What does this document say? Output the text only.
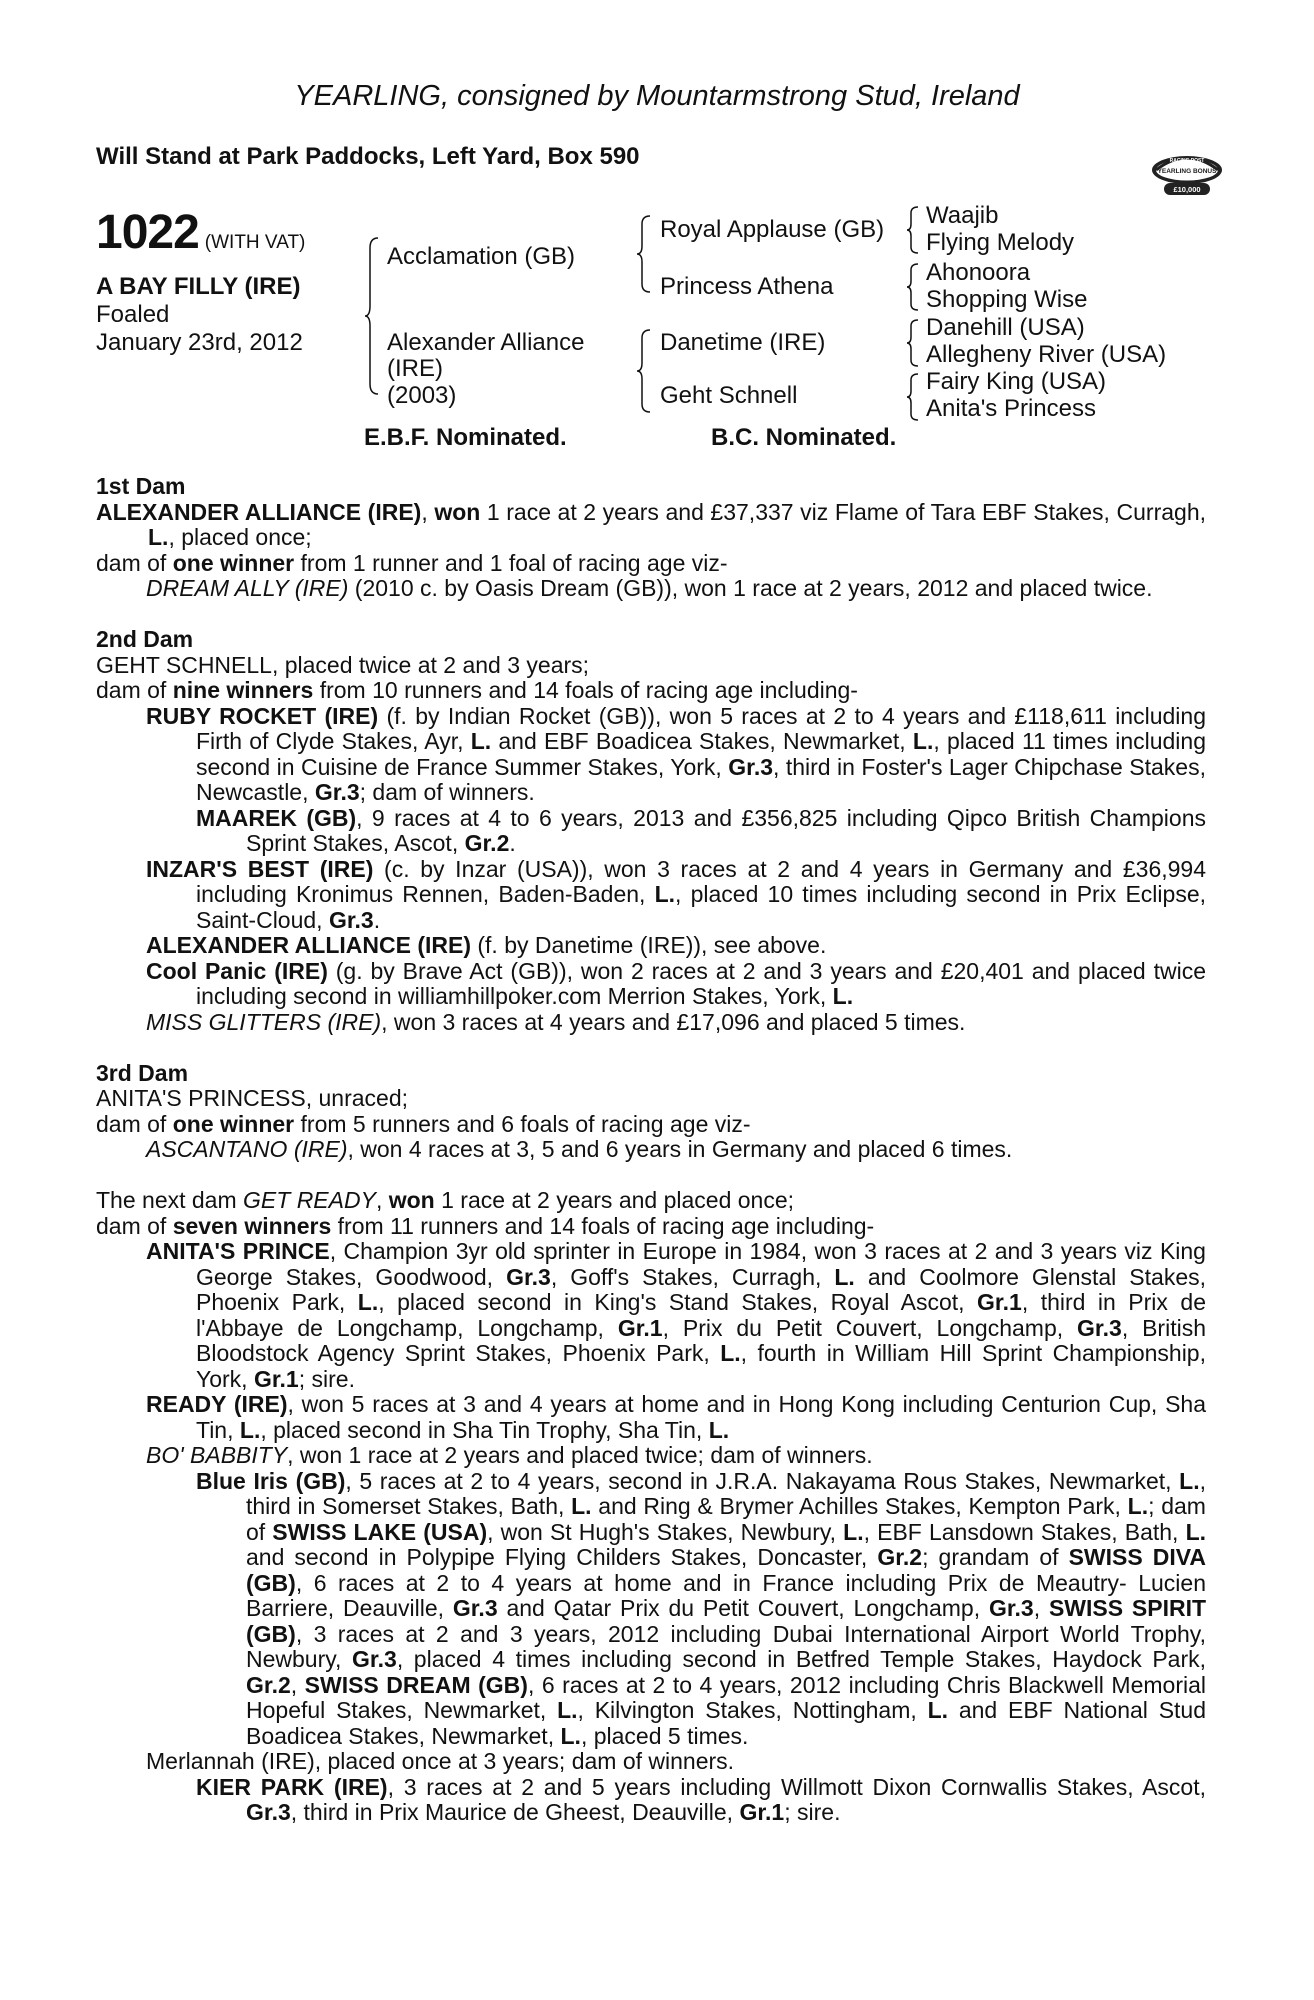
YEARLING, consigned by Mountarmstrong Stud, Ireland
Will Stand at Park Paddocks, Left Yard, Box 590	RACING POST
YEARLING BONUS
£10,000
1022 (WITH VAT)
A BAY FILLY (IRE)
Foaled
January 23rd, 2012
Acclamation (GB)
Alexander Alliance
(IRE)
(2003)
Royal Applause (GB)
Princess Athena
Danetime (IRE)
Geht Schnell
Waajib
Flying Melody
Ahonoora
Shopping Wise
Danehill (USA)
Allegheny River (USA)
Fairy King (USA)
Anita's Princess
E.B.F. Nominated.	B.C. Nominated.

1st Dam

ALEXANDER ALLIANCE (IRE), won 1 race at 2 years and £37,337 viz Flame of Tara EBF Stakes, Curragh, L., placed once;

dam of one winner from 1 runner and 1 foal of racing age viz-

DREAM ALLY (IRE) (2010 c. by Oasis Dream (GB)), won 1 race at 2 years, 2012 and placed twice.

2nd Dam

GEHT SCHNELL, placed twice at 2 and 3 years;

dam of nine winners from 10 runners and 14 foals of racing age including-

RUBY ROCKET (IRE) (f. by Indian Rocket (GB)), won 5 races at 2 to 4 years and £118,611 including Firth of Clyde Stakes, Ayr, L. and EBF Boadicea Stakes, Newmarket, L., placed 11 times including second in Cuisine de France Summer Stakes, York, Gr.3, third in Foster's Lager Chipchase Stakes, Newcastle, Gr.3; dam of winners.

MAAREK (GB), 9 races at 4 to 6 years, 2013 and £356,825 including Qipco British Champions Sprint Stakes, Ascot, Gr.2.

INZAR'S BEST (IRE) (c. by Inzar (USA)), won 3 races at 2 and 4 years in Germany and £36,994 including Kronimus Rennen, Baden-Baden, L., placed 10 times including second in Prix Eclipse, Saint-Cloud, Gr.3.

ALEXANDER ALLIANCE (IRE) (f. by Danetime (IRE)), see above.

Cool Panic (IRE) (g. by Brave Act (GB)), won 2 races at 2 and 3 years and £20,401 and placed twice including second in williamhillpoker.com Merrion Stakes, York, L.

MISS GLITTERS (IRE), won 3 races at 4 years and £17,096 and placed 5 times.

3rd Dam

ANITA'S PRINCESS, unraced;

dam of one winner from 5 runners and 6 foals of racing age viz-

ASCANTANO (IRE), won 4 races at 3, 5 and 6 years in Germany and placed 6 times.

The next dam GET READY, won 1 race at 2 years and placed once;

dam of seven winners from 11 runners and 14 foals of racing age including-

ANITA'S PRINCE, Champion 3yr old sprinter in Europe in 1984, won 3 races at 2 and 3 years viz King George Stakes, Goodwood, Gr.3, Goff's Stakes, Curragh, L. and Coolmore Glenstal Stakes, Phoenix Park, L., placed second in King's Stand Stakes, Royal Ascot, Gr.1, third in Prix de l'Abbaye de Longchamp, Longchamp, Gr.1, Prix du Petit Couvert, Longchamp, Gr.3, British Bloodstock Agency Sprint Stakes, Phoenix Park, L., fourth in William Hill Sprint Championship, York, Gr.1; sire.

READY (IRE), won 5 races at 3 and 4 years at home and in Hong Kong including Centurion Cup, Sha Tin, L., placed second in Sha Tin Trophy, Sha Tin, L.

BO' BABBITY, won 1 race at 2 years and placed twice; dam of winners.

Blue Iris (GB), 5 races at 2 to 4 years, second in J.R.A. Nakayama Rous Stakes, Newmarket, L., third in Somerset Stakes, Bath, L. and Ring & Brymer Achilles Stakes, Kempton Park, L.; dam of SWISS LAKE (USA), won St Hugh's Stakes, Newbury, L., EBF Lansdown Stakes, Bath, L. and second in Polypipe Flying Childers Stakes, Doncaster, Gr.2; grandam of SWISS DIVA (GB), 6 races at 2 to 4 years at home and in France including Prix de Meautry- Lucien Barriere, Deauville, Gr.3 and Qatar Prix du Petit Couvert, Longchamp, Gr.3, SWISS SPIRIT (GB), 3 races at 2 and 3 years, 2012 including Dubai International Airport World Trophy, Newbury, Gr.3, placed 4 times including second in Betfred Temple Stakes, Haydock Park, Gr.2, SWISS DREAM (GB), 6 races at 2 to 4 years, 2012 including Chris Blackwell Memorial Hopeful Stakes, Newmarket, L., Kilvington Stakes, Nottingham, L. and EBF National Stud Boadicea Stakes, Newmarket, L., placed 5 times.

Merlannah (IRE), placed once at 3 years; dam of winners.

KIER PARK (IRE), 3 races at 2 and 5 years including Willmott Dixon Cornwallis Stakes, Ascot, Gr.3, third in Prix Maurice de Gheest, Deauville, Gr.1; sire.
